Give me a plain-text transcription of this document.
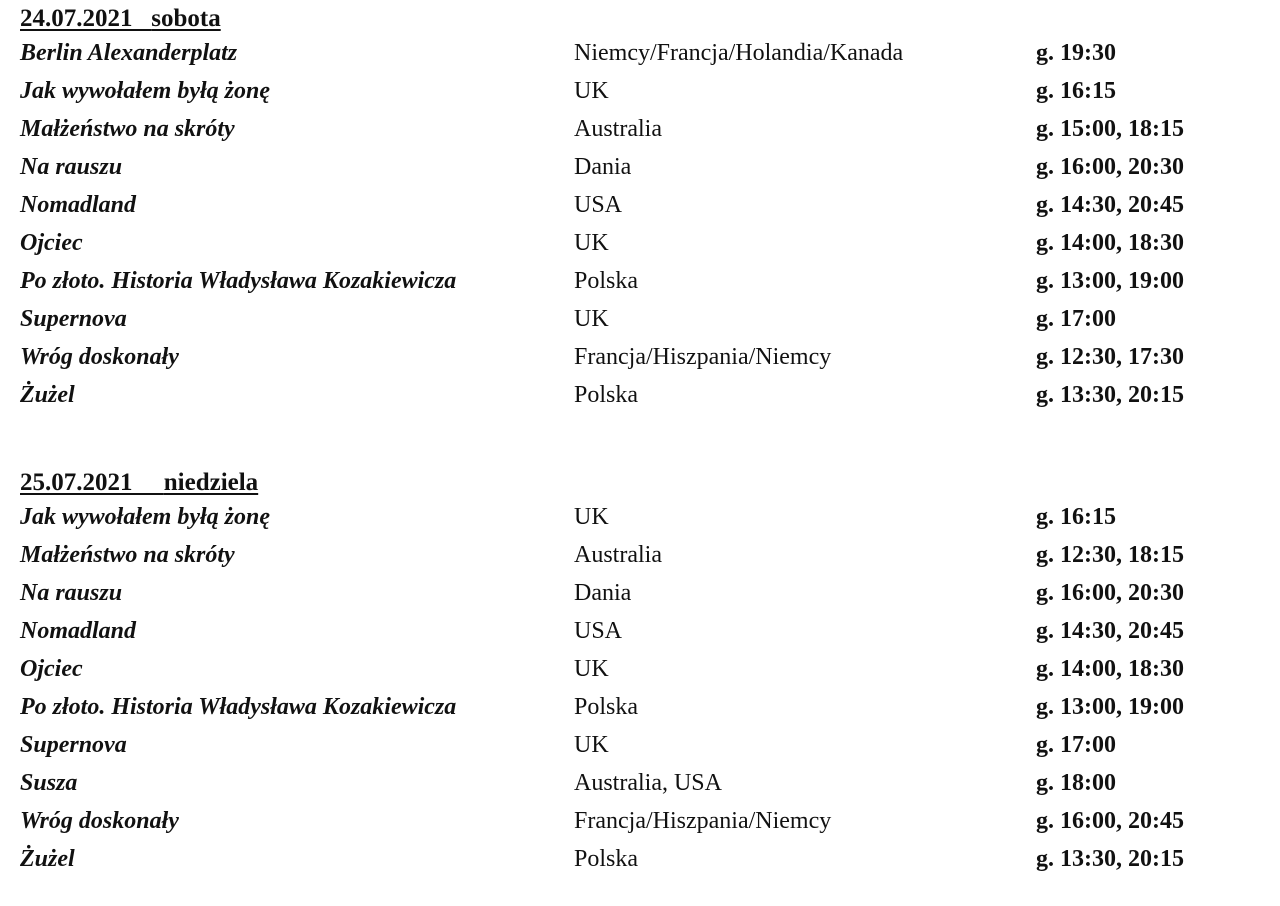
24.07.2021 sobota
Berlin Alexanderplatz	Niemcy/Francja/Holandia/Kanada	g. 19:30
Jak wywołałem byłą żonę	UK	g. 16:15
Małżeństwo na skróty	Australia	g. 15:00, 18:15
Na rauszu	Dania	g. 16:00, 20:30
Nomadland	USA	g. 14:30, 20:45
Ojciec	UK	g. 14:00, 18:30
Po złoto. Historia Władysława Kozakiewicza	Polska	g. 13:00, 19:00
Supernova	UK	g. 17:00
Wróg doskonały	Francja/Hiszpania/Niemcy	g. 12:30, 17:30
Żużel	Polska	g. 13:30, 20:15
25.07.2021 niedziela
Jak wywołałem byłą żonę	UK	g. 16:15
Małżeństwo na skróty	Australia	g. 12:30, 18:15
Na rauszu	Dania	g. 16:00, 20:30
Nomadland	USA	g. 14:30, 20:45
Ojciec	UK	g. 14:00, 18:30
Po złoto. Historia Władysława Kozakiewicza	Polska	g. 13:00, 19:00
Supernova	UK	g. 17:00
Susza	Australia, USA	g. 18:00
Wróg doskonały	Francja/Hiszpania/Niemcy	g. 16:00, 20:45
Żużel	Polska	g. 13:30, 20:15
